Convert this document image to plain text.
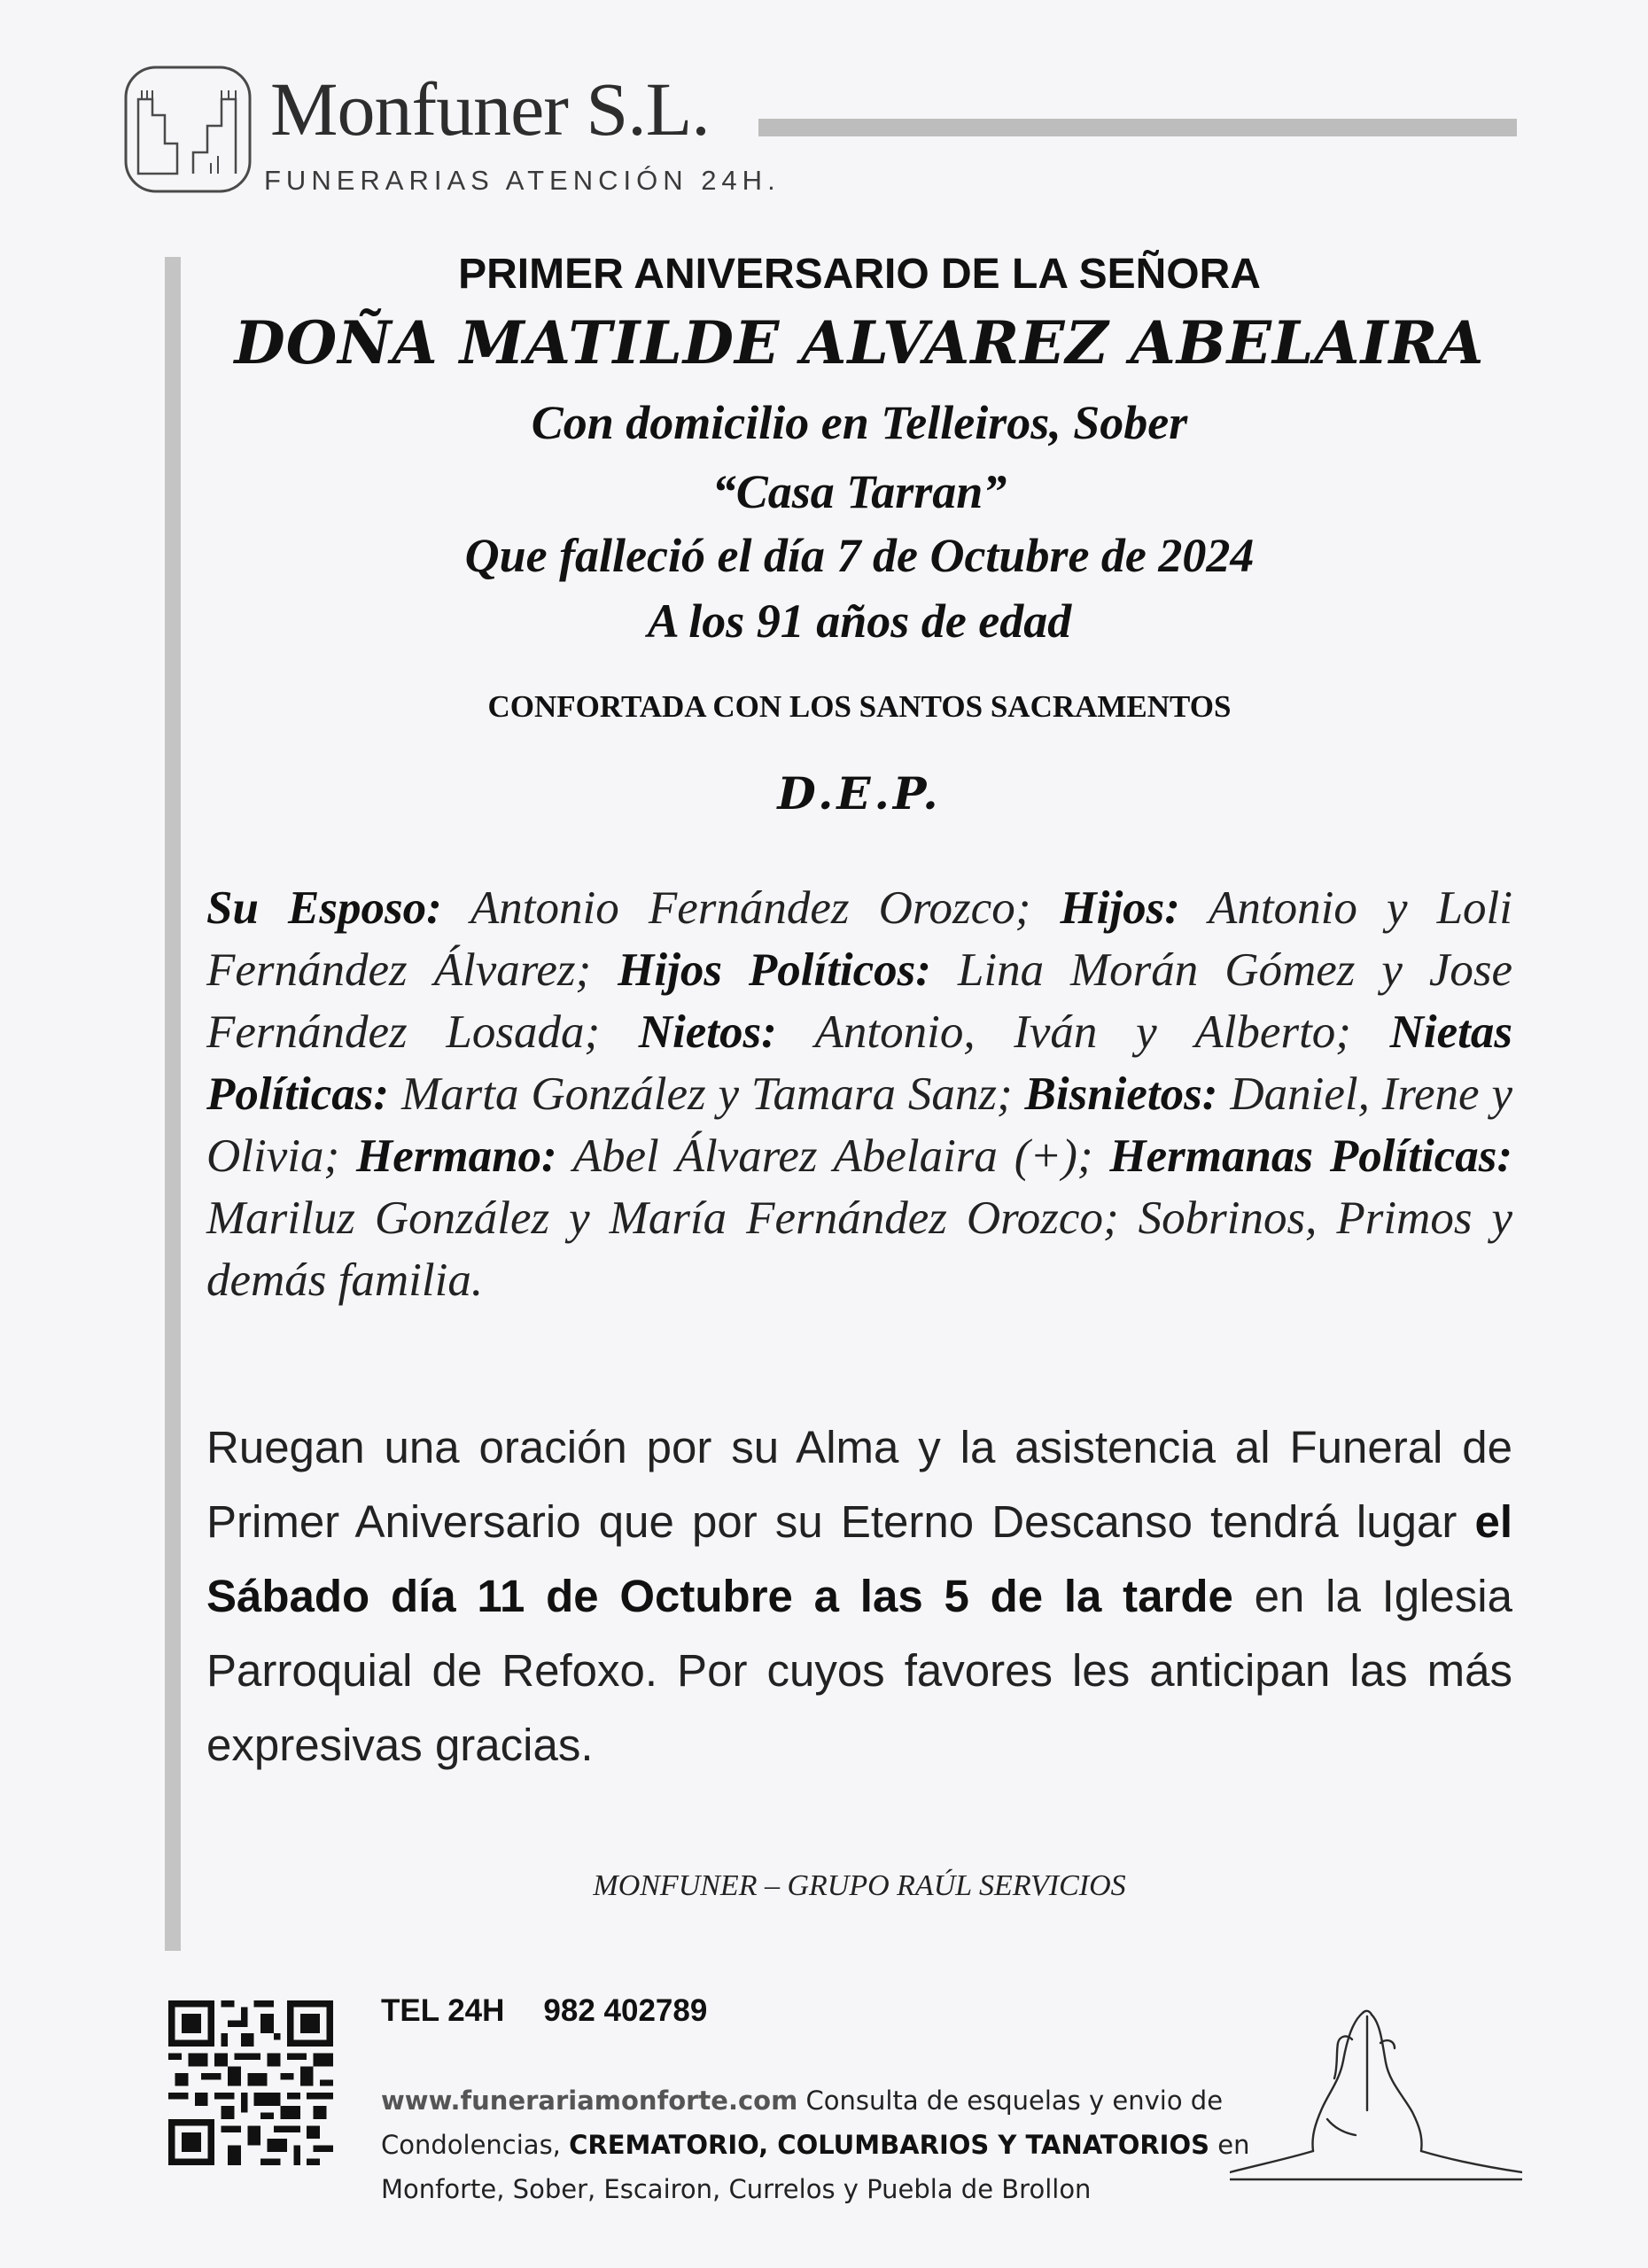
Monfuner S.L.
FUNERARIAS ATENCIÓN 24H.
PRIMER ANIVERSARIO DE LA SEÑORA
DOÑA MATILDE ALVAREZ ABELAIRA
Con domicilio en Telleiros, Sober
“Casa Tarran”
Que falleció el día 7 de Octubre de 2024
A los 91 años de edad
CONFORTADA CON LOS SANTOS SACRAMENTOS
D.E.P.
Su Esposo: Antonio Fernández Orozco; Hijos: Antonio y Loli Fernández Álvarez; Hijos Políticos: Lina Morán Gómez y Jose Fernández Losada; Nietos: Antonio, Iván y Alberto; Nietas Políticas: Marta González y Tamara Sanz; Bisnietos: Daniel, Irene y Olivia; Hermano: Abel Álvarez Abelaira (+); Hermanas Políticas: Mariluz González y María Fernández Orozco; Sobrinos, Primos y demás familia.
Ruegan una oración por su Alma y la asistencia al Funeral de Primer Aniversario que por su Eterno Descanso tendrá lugar el Sábado día 11 de Octubre a las 5 de la tarde en la Iglesia Parroquial de Refoxo. Por cuyos favores les anticipan las más expresivas gracias.
MONFUNER – GRUPO RAÚL SERVICIOS
TEL 24H 982 402789
www.funerariamonforte.com Consulta de esquelas y envio de Condolencias, CREMATORIO, COLUMBARIOS Y TANATORIOS en Monforte, Sober, Escairon, Currelos y Puebla de Brollon
